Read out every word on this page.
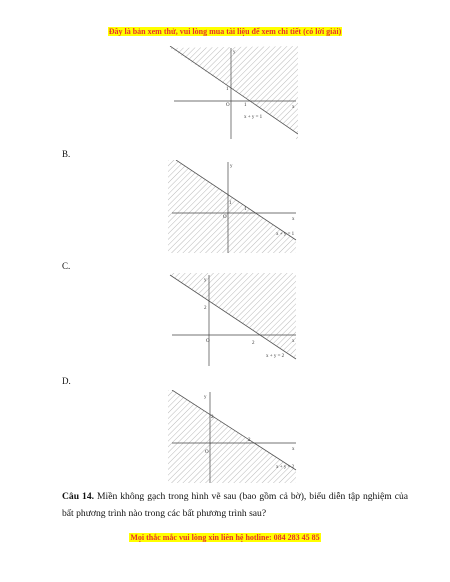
Đây là bản xem thử, vui lòng mua tài liệu để xem chi tiết (có lời giải)
O	1
1
x
y
x + y = 1
B.
O
1
1
x
y
x + y = 1
C.
O	2
2
x
y
x + y = 2
D.
O
2
2
x
y
x + y = 2
Câu 14. Miền không gạch trong hình vẽ sau (bao gồm cả bờ), biểu diễn tập nghiệm của bất phương trình nào trong các bất phương trình sau?
Mọi thắc mắc vui lòng xin liên hệ hotline: 084 283 45 85
